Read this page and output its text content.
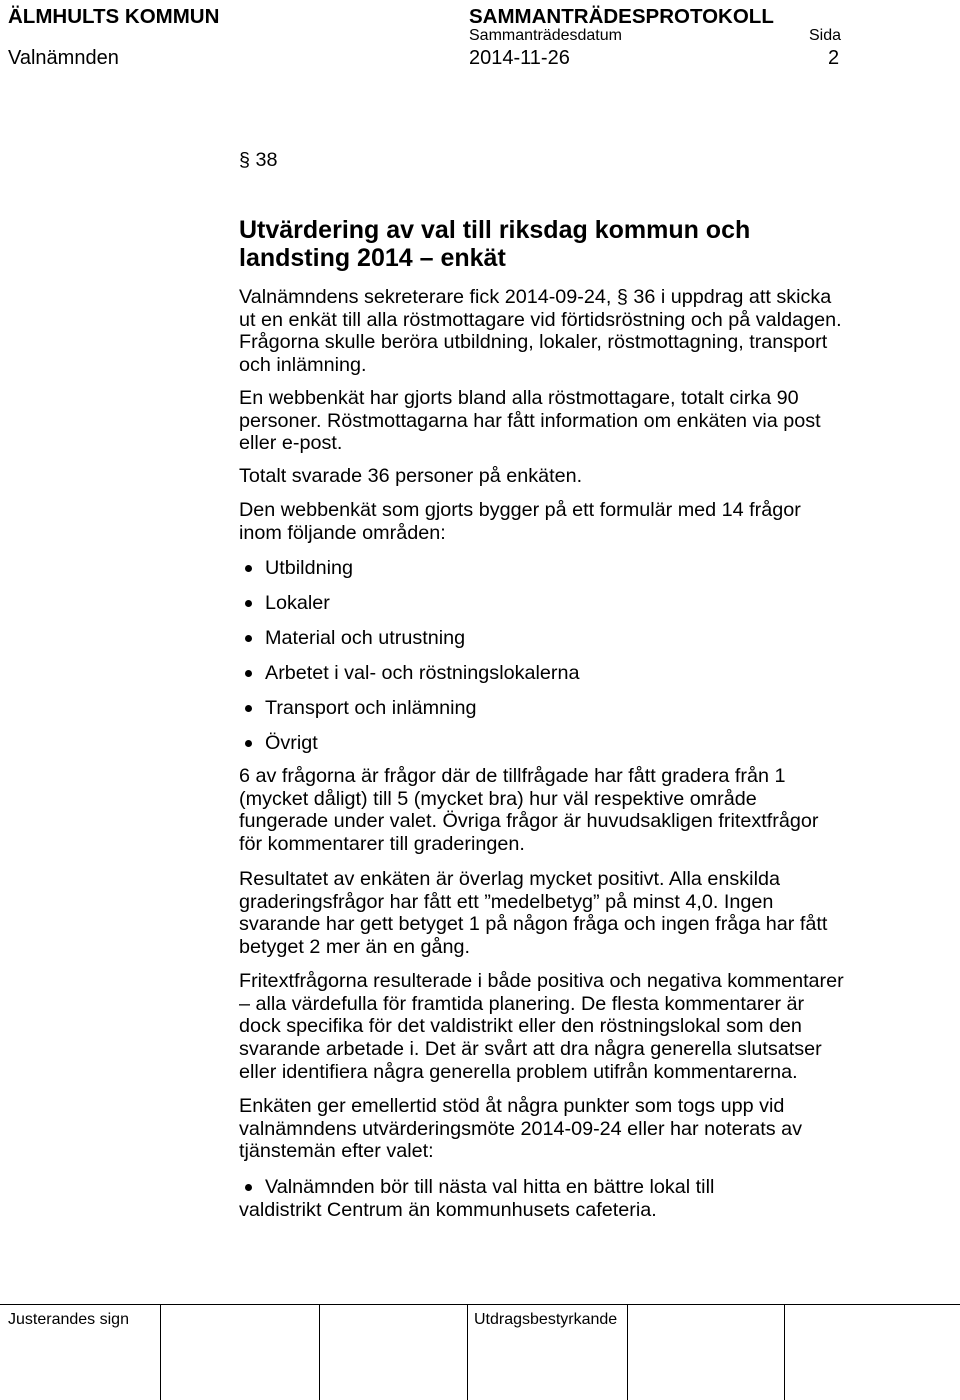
ÄLMHULTS KOMMUN	SAMMANTRÄDESPROTOKOLL
Sammanträdesdatum	Sida
Valnämnden	2014-11-26	2
§ 38
Utvärdering av val till riksdag kommun och
landsting 2014 – enkät
Valnämndens sekreterare fick 2014-09-24, § 36 i uppdrag att skicka
ut en enkät till alla röstmottagare vid förtidsröstning och på valdagen.
Frågorna skulle beröra utbildning, lokaler, röstmottagning, transport
och inlämning.
En webbenkät har gjorts bland alla röstmottagare, totalt cirka 90
personer. Röstmottagarna har fått information om enkäten via post
eller e-post.
Totalt svarade 36 personer på enkäten.
Den webbenkät som gjorts bygger på ett formulär med 14 frågor
inom följande områden:
Utbildning
Lokaler
Material och utrustning
Arbetet i val- och röstningslokalerna
Transport och inlämning
Övrigt
6 av frågorna är frågor där de tillfrågade har fått gradera från 1
(mycket dåligt) till 5 (mycket bra) hur väl respektive område
fungerade under valet. Övriga frågor är huvudsakligen fritextfrågor
för kommentarer till graderingen.
Resultatet av enkäten är överlag mycket positivt. Alla enskilda
graderingsfrågor har fått ett ”medelbetyg” på minst 4,0. Ingen
svarande har gett betyget 1 på någon fråga och ingen fråga har fått
betyget 2 mer än en gång.
Fritextfrågorna resulterade i både positiva och negativa kommentarer
– alla värdefulla för framtida planering. De flesta kommentarer är
dock specifika för det valdistrikt eller den röstningslokal som den
svarande arbetade i. Det är svårt att dra några generella slutsatser
eller identifiera några generella problem utifrån kommentarerna.
Enkäten ger emellertid stöd åt några punkter som togs upp vid
valnämndens utvärderingsmöte 2014-09-24 eller har noterats av
tjänstemän efter valet:
Valnämnden bör till nästa val hitta en bättre lokal till
valdistrikt Centrum än kommunhusets cafeteria.
Justerandes sign	Utdragsbestyrkande
